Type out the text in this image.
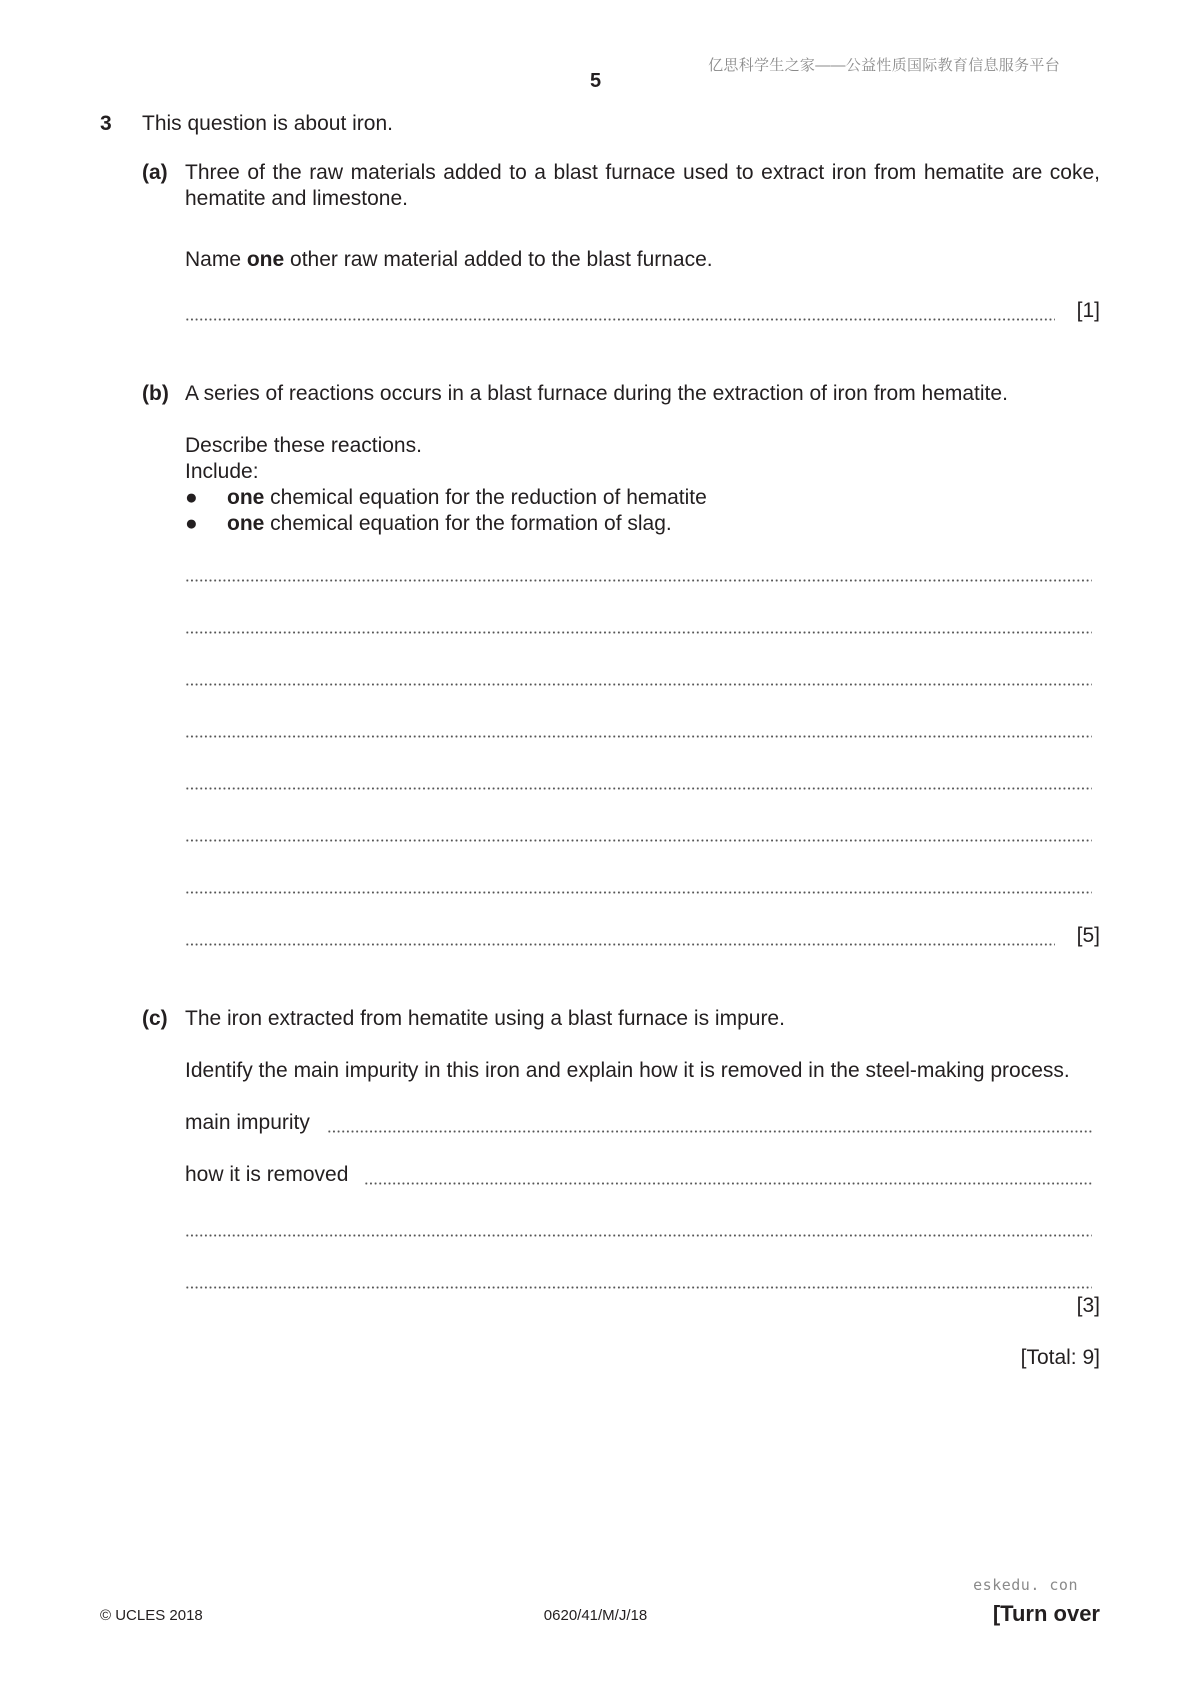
亿思科学生之家——公益性质国际教育信息服务平台
5
3 This question is about iron.
(a) Three of the raw materials added to a blast furnace used to extract iron from hematite are coke, hematite and limestone.
Name one other raw material added to the blast furnace.
[1]
(b) A series of reactions occurs in a blast furnace during the extraction of iron from hematite.
Describe these reactions.
Include:
● one chemical equation for the reduction of hematite
● one chemical equation for the formation of slag.
[5]
(c) The iron extracted from hematite using a blast furnace is impure.
Identify the main impurity in this iron and explain how it is removed in the steel-making process.
main impurity
how it is removed
[3]
[Total: 9]
eskedu. con
© UCLES 2018	0620/41/M/J/18	[Turn over
